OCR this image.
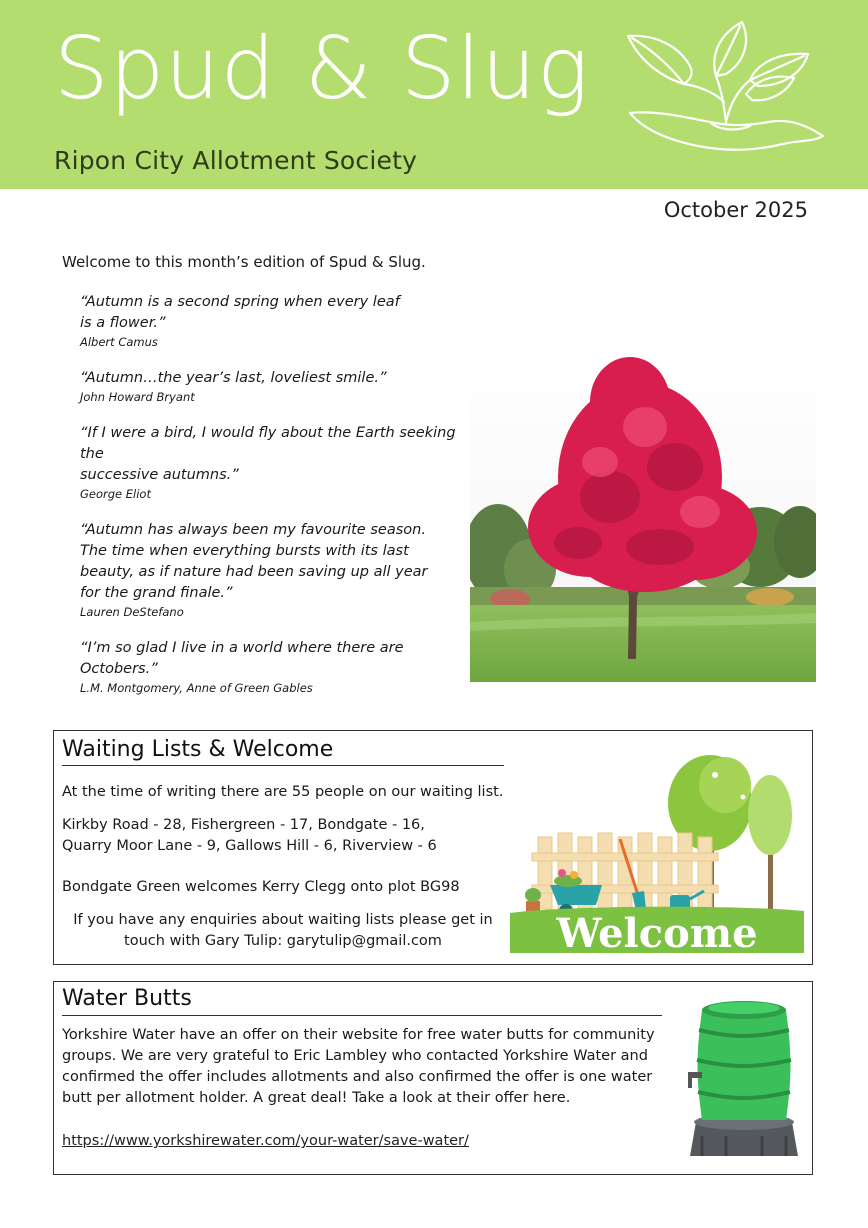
Spud & Slug
Ripon City Allotment Society
October 2025
Welcome to this month’s edition of Spud & Slug.
“Autumn is a second spring when every leaf
is a flower.”
Albert Camus
“Autumn…the year’s last, loveliest smile.”
John Howard Bryant
“If I were a bird, I would fly about the Earth seeking the
successive autumns.”
George Eliot
“Autumn has always been my favourite season.
The time when everything bursts with its last
beauty, as if nature had been saving up all year
for the grand finale.”
Lauren DeStefano
“I’m so glad I live in a world where there are Octobers.”
L.M. Montgomery, Anne of Green Gables
Waiting Lists & Welcome

At the time of writing there are 55 people on our waiting list.

Kirkby Road - 28, Fishergreen - 17, Bondgate - 16,

Quarry Moor Lane - 9, Gallows Hill - 6, Riverview - 6

Bondgate Green welcomes Kerry Clegg onto plot BG98

If you have any enquiries about waiting lists please get in

touch with Gary Tulip: garytulip@gmail.com	Welcome
Water Butts

Yorkshire Water have an offer on their website for free water butts for community groups. We are very grateful to Eric Lambley who contacted Yorkshire Water and confirmed the offer includes allotments and also confirmed the offer is one water butt per allotment holder. A great deal! Take a look at their offer here.

https://www.yorkshirewater.com/your-water/save-water/
